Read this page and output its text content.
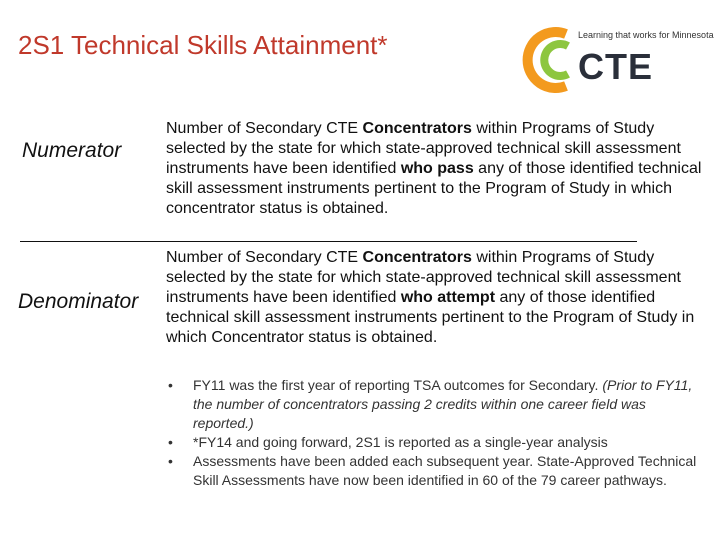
2S1 Technical Skills Attainment*	Learning that works for Minnesota
CTE
Numerator

Number of Secondary CTE Concentrators within Programs of Study selected by the state for which state-approved technical skill assessment instruments have been identified who pass any of those identified technical skill assessment instruments pertinent to the Program of Study in which concentrator status is obtained.

Denominator

Number of Secondary CTE Concentrators within Programs of Study selected by the state for which state-approved technical skill assessment instruments have been identified who attempt any of those identified technical skill assessment instruments pertinent to the Program of Study in which Concentrator status is obtained.

• FY11 was the first year of reporting TSA outcomes for Secondary. (Prior to FY11, the number of concentrators passing 2 credits within one career field was reported.)
• *FY14 and going forward, 2S1 is reported as a single-year analysis
• Assessments have been added each subsequent year. State-Approved Technical Skill Assessments have now been identified in 60 of the 79 career pathways.
